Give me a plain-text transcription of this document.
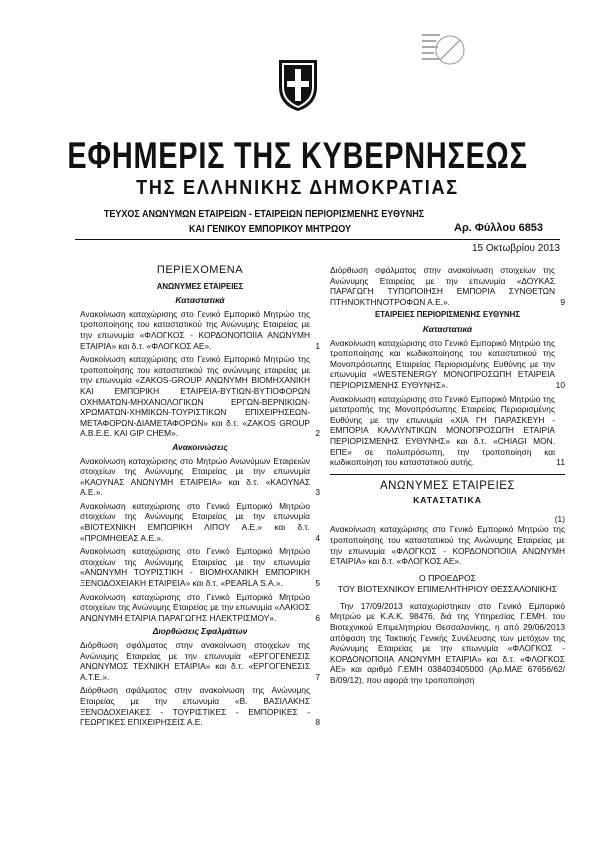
ΕΦΗΜΕΡΙΣ ΤΗΣ ΚΥΒΕΡΝΗΣΕΩΣ
ΤΗΣ ΕΛΛΗΝΙΚΗΣ ΔΗΜΟΚΡΑΤΙΑΣ
ΤΕΥΧΟΣ ΑΝΩΝΥΜΩΝ ΕΤΑΙΡΕΙΩΝ - ΕΤΑΙΡΕΙΩΝ ΠΕΡΙΟΡΙΣΜΕΝΗΣ ΕΥΘΥΝΗΣ
ΚΑΙ ΓΕΝΙΚΟΥ ΕΜΠΟΡΙΚΟΥ ΜΗΤΡΩΟΥ	Αρ. Φύλλου 6853
15 Οκτωβρίου 2013
ΠΕΡΙΕΧΟΜΕΝΑ
ΑΝΩΝΥΜΕΣ ΕΤΑΙΡΕΙΕΣ
Καταστατικά
Ανακοίνωση καταχώρισης στο Γενικό Εμπορικό Μητρώο της τροποποίησης του καταστατικού της Ανώνυμης Εταιρείας με την επωνυμία «ΦΛΟΓΚΟΣ - ΚΟΡΔΟΝΟΠΟΙΙΑ ΑΝΩΝΥΜΗ ΕΤΑΙΡΙΑ» και δ.τ. «ΦΛΟΓΚΟΣ ΑΕ».	1
Ανακοίνωση καταχώρισης στο Γενικό Εμπορικό Μητρώο της τροποποίησης του καταστατικού της ανώνυμης εταιρείας με την επωνυμία «ZAKOS-GROUP ΑΝΩΝΥΜΗ ΒΙΟΜΗΧΑΝΙΚΗ ΚΑΙ ΕΜΠΟΡΙΚΗ ΕΤΑΙΡΕΙΑ-ΒΥΤΙΩΝ-ΒΥΤΙΟΦΟΡΩΝ ΟΧΗΜΑΤΩΝ-ΜΗΧΑΝΟΛΟΓΙΚΩΝ ΕΡΓΩΝ-ΒΕΡΝΙΚΙΩΝ-ΧΡΩΜΑΤΩΝ-ΧΗΜΙΚΩΝ-ΤΟΥΡΙΣΤΙΚΩΝ ΕΠΙΧΕΙΡΗΣΕΩΝ-ΜΕΤΑΦΟΡΩΝ-ΔΙΑΜΕΤΑΦΟΡΩΝ» και δ.τ. «ZAKOS GROUP Α.Β.Ε.Ε. ΚΑΙ GIP CHEM».	2
Ανακοινώσεις
Ανακοίνωση καταχώρισης στο Μητρώο Ανωνύμων Εταιρειών στοιχείων της Ανώνυμης Εταιρείας με την επωνυμία «ΚΑΟΥΝΑΣ ΑΝΩΝΥΜΗ ΕΤΑΙΡΕΙΑ» και δ.τ. «ΚΑΟΥΝΑΣ Α.Ε.».	3
Ανακοίνωση καταχώρισης στο Γενικό Εμπορικό Μητρώο στοιχείων της Ανώνυμης Εταιρείας με την επωνυμία «ΒΙΟΤΕΧΝΙΚΗ ΕΜΠΟΡΙΚΗ ΛΙΠΟΥ Α.Ε.» και δ.τ. «ΠΡΟΜΗΘΕΑΣ Α.Ε.».	4
Ανακοίνωση καταχώρισης στο Γενικό Εμπορικό Μητρώο στοιχείων της Ανώνυμης Εταιρείας με την επωνυμία «ΑΝΩΝΥΜΗ ΤΟΥΡΙΣΤΙΚΗ - ΒΙΟΜΗΧΑΝΙΚΗ ΕΜΠΟΡΙΚΗ ΞΕΝΟΔΟΧΕΙΑΚΗ ΕΤΑΙΡΕΙΑ» και δ.τ. «PEARLA S.A.».	5
Ανακοίνωση καταχώρισης στο Γενικό Εμπορικό Μητρώο στοιχείων της Ανώνυμης Εταιρείας με την επωνυμία «ΛΑΚΙΟΣ ΑΝΩΝΥΜΗ ΕΤΑΙΡΙΑ ΠΑΡΑΓΩΓΗΣ ΗΛΕΚΤΡΙΣΜΟΥ».	6
Διορθώσεις Σφαλμάτων
Διόρθωση σφάλματος στην ανακοίνωση στοιχείων της Ανώνυμης Εταιρείας με την επωνυμία «ΕΡΓΟΓΕΝΕΣΙΣ ΑΝΩΝΥΜΟΣ ΤΕΧΝΙΚΗ ΕΤΑΙΡΙΑ» και δ.τ. «ΕΡΓΟΓΕΝΕΣΙΣ Α.Τ.Ε.».	7
Διόρθωση σφάλματος στην ανακοίνωση της Ανώνυμης Εταιρείας με την επωνυμία «Β. ΒΑΣΙΛΑΚΗΣ ΞΕΝΟΔΟΧΕΙΑΚΕΣ - ΤΟΥΡΙΣΤΙΚΕΣ - ΕΜΠΟΡΙΚΕΣ - ΓΕΩΡΓΙΚΕΣ ΕΠΙΧΕΙΡΗΣΕΙΣ Α.Ε.	8
Διόρθωση σφάλματος στην ανακοίνωση στοιχείων της Ανώνυμης Εταιρείας με την επωνυμία «ΔΟΥΚΑΣ ΠΑΡΑΓΩΓΗ ΤΥΠΟΠΟΙΗΣΗ ΕΜΠΟΡΙΑ ΣΥΝΘΕΤΩΝ ΠΤΗΝΟΚΤΗΝΟΤΡΟΦΩΝ Α.Ε.».	9
ΕΤΑΙΡΕΙΕΣ ΠΕΡΙΟΡΙΣΜΕΝΗΣ ΕΥΘΥΝΗΣ
Καταστατικά
Ανακοίνωση καταχώρισης στο Γενικό Εμπορικό Μητρώο της τροποποίησης και κωδικοποίησης του καταστατικού της Μονοπρόσωπης Εταιρείας Περιορισμένης Ευθύνης με την επωνυμία «WESTENERGY ΜΟΝΟΠΡΟΣΩΠΗ ΕΤΑΙΡΕΙΑ ΠΕΡΙΟΡΙΣΜΕΝΗΣ ΕΥΘΥΝΗΣ».	10
Ανακοίνωση καταχώρισης στο Γενικό Εμπορικό Μητρώο της μετατροπής της Μονοπρόσωπης Εταιρείας Περιορισμένης Ευθύνης με την επωνυμία «ΧΙΑ ΓΗ ΠΑΡΑΣΚΕΥΗ - ΕΜΠΟΡΙΑ ΚΑΛΛΥΝΤΙΚΩΝ ΜΟΝΟΠΡΟΣΩΠΗ ΕΤΑΙΡΙΑ ΠΕΡΙΟΡΙΣΜΕΝΗΣ ΕΥΘΥΝΗΣ» και δ.τ. «CHIAGI ΜΟΝ. ΕΠΕ» σε πολυπρόσωπη, την τροποποίηση και κωδικοποίηση του καταστατικού αυτής.	11
ΑΝΩΝΥΜΕΣ ΕΤΑΙΡΕΙΕΣ
ΚΑΤΑΣΤΑΤΙΚΑ
(1)
Ανακοίνωση καταχώρισης στο Γενικό Εμπορικό Μητρώο της τροποποίησης του καταστατικού της Ανώνυμης Εταιρείας με την επωνυμία «ΦΛΟΓΚΟΣ - ΚΟΡΔΟΝΟΠΟΙΙΑ ΑΝΩΝΥΜΗ ΕΤΑΙΡΙΑ» και δ.τ. «ΦΛΟΓΚΟΣ ΑΕ».
Ο ΠΡΟΕΔΡΟΣ
ΤΟΥ ΒΙΟΤΕΧΝΙΚΟΥ ΕΠΙΜΕΛΗΤΗΡΙΟΥ ΘΕΣΣΑΛΟΝΙΚΗΣ

Την 17/09/2013 καταχωρίστηκαν στο Γενικό Εμπορικό Μητρώο με Κ.Α.Κ. 98476, διά της Υπηρεσίας Γ.ΕΜΗ. του Βιοτεχνικού Επιμελητηρίου Θεσσαλονίκης, η από 29/06/2013 απόφαση της Τακτικής Γενικής Συνέλευσης των μετόχων της Ανώνυμης Εταιρείας με την επωνυμία «ΦΛΟΓΚΟΣ - ΚΟΡΔΟΝΟΠΟΙΙΑ ΑΝΩΝΥΜΗ ΕΤΑΙΡΙΑ» και δ.τ. «ΦΛΟΓΚΟΣ ΑΕ» και αριθμό Γ.ΕΜΗ 038403405000 (Αρ.ΜΑΕ 67656/62/Β/09/12), που αφορά την τροποποίηση
